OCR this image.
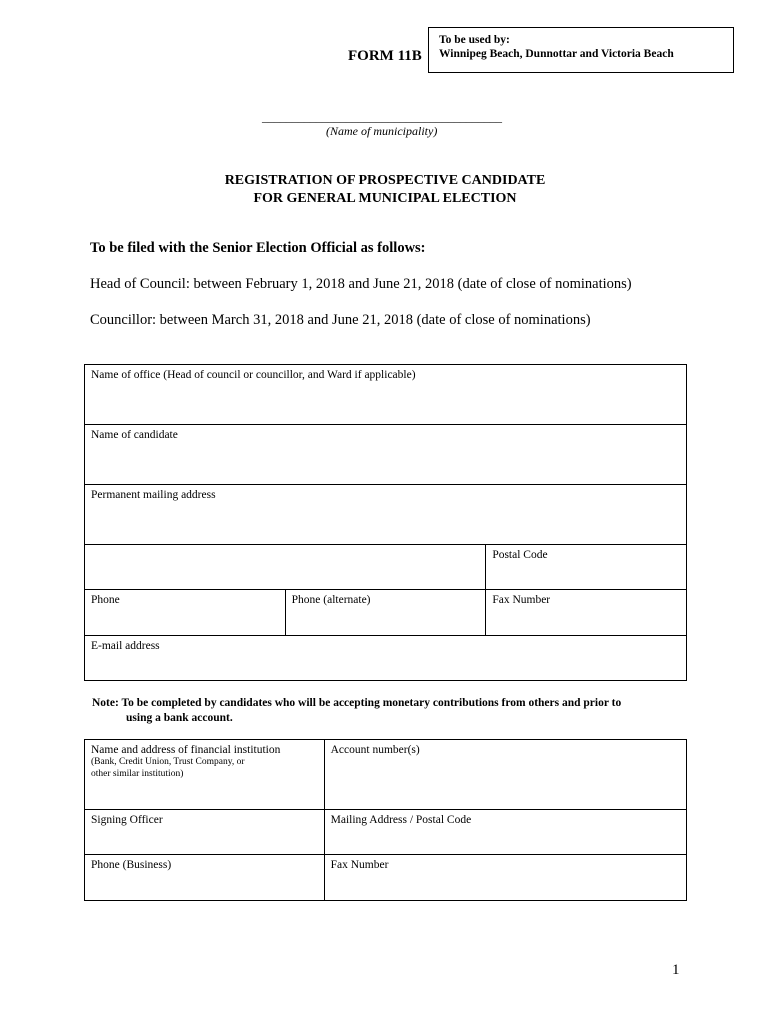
FORM 11B
To be used by:
Winnipeg Beach, Dunnottar and Victoria Beach
________________________________________
(Name of municipality)
REGISTRATION OF PROSPECTIVE CANDIDATE
FOR GENERAL MUNICIPAL ELECTION
To be filed with the Senior Election Official as follows:
Head of Council: between February 1, 2018 and June 21, 2018 (date of close of nominations)
Councillor: between March 31, 2018 and June 21, 2018 (date of close of nominations)
Name of office (Head of council or councillor, and Ward if applicable)		
Name of candidate		
Permanent mailing address		
		Postal Code
Phone	Phone (alternate)	Fax Number
E-mail address		
Note: To be completed by candidates who will be accepting monetary contributions from others and prior to
using a bank account.
Name and address of financial institution
(Bank, Credit Union, Trust Company, or
other similar institution)	Account number(s)
Signing Officer	Mailing Address / Postal Code
Phone (Business)	Fax Number
1
